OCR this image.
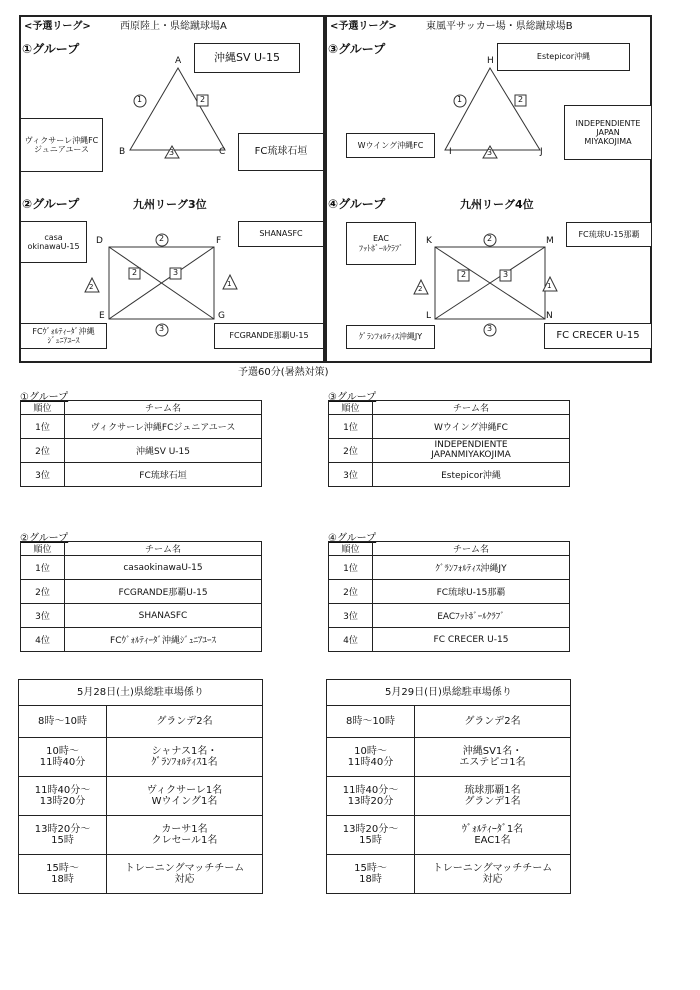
<予選リーグ>	西原陸上・県総蹴球場A	<予選リーグ>	東風平サッカー場・県総蹴球場B
1	2
3
1	2
3
2
3
2	1
2	3
2
3
2	1
2	3
①グループ
A
B	C
沖縄SV U-15
ヴィクサーレ沖縄FC
ジュニアユース	FC琉球石垣
②グループ	九州リーグ3位
D
E
F
G
casa
okinawaU-15
FCｳﾞｫﾙﾃｨｰﾀﾞ沖縄
ｼﾞｭﾆｱﾕｰｽ
SHANASFC
FCGRANDE那覇U-15
③グループ
H
I	J
Estepicor沖縄
Wウイング沖縄FC
INDEPENDIENTE
JAPAN
MIYAKOJIMA
④グループ	九州リーグ4位
K
L
M
N
EAC
ﾌｯﾄﾎﾞｰﾙｸﾗﾌﾞ
ｸﾞﾗﾝﾌｫﾙﾃｨｽ沖縄JY
FC琉球U-15那覇
FC CRECER U-15
予選60分(暑熱対策)
①グループ
順位	チーム名
1位	ヴィクサーレ沖縄FCジュニアユース
2位	沖縄SV U-15
3位	FC琉球石垣
③グループ
順位	チーム名
1位	Wウイング沖縄FC
2位	INDEPENDIENTE
JAPANMIYAKOJIMA
3位	Estepicor沖縄
②グループ
順位	チーム名
1位	casaokinawaU-15
2位	FCGRANDE那覇U-15
3位	SHANASFC
4位	FCｳﾞｫﾙﾃｨｰﾀﾞ沖縄ｼﾞｭﾆｱﾕｰｽ
④グループ
順位	チーム名
1位	ｸﾞﾗﾝﾌｫﾙﾃｨｽ沖縄JY
2位	FC琉球U-15那覇
3位	EACﾌｯﾄﾎﾞｰﾙｸﾗﾌﾞ
4位	FC CRECER U-15
5月28日(土)県総駐車場係り	
8時～10時	グランデ2名
10時～
11時40分	シャナス1名・
ｸﾞﾗﾝﾌｫﾙﾃｨｽ1名
11時40分～
13時20分	ヴィクサーレ1名
Wウイング1名
13時20分～
15時	カーサ1名
クレセール1名
15時～
18時	トレーニングマッチチーム
対応
5月29日(日)県総駐車場係り	
8時～10時	グランデ2名
10時～
11時40分	沖縄SV1名・
エステピコ1名
11時40分～
13時20分	琉球那覇1名
グランデ1名
13時20分～
15時	ｳﾞｫﾙﾃｨｰﾀﾞ1名
EAC1名
15時～
18時	トレーニングマッチチーム
対応
